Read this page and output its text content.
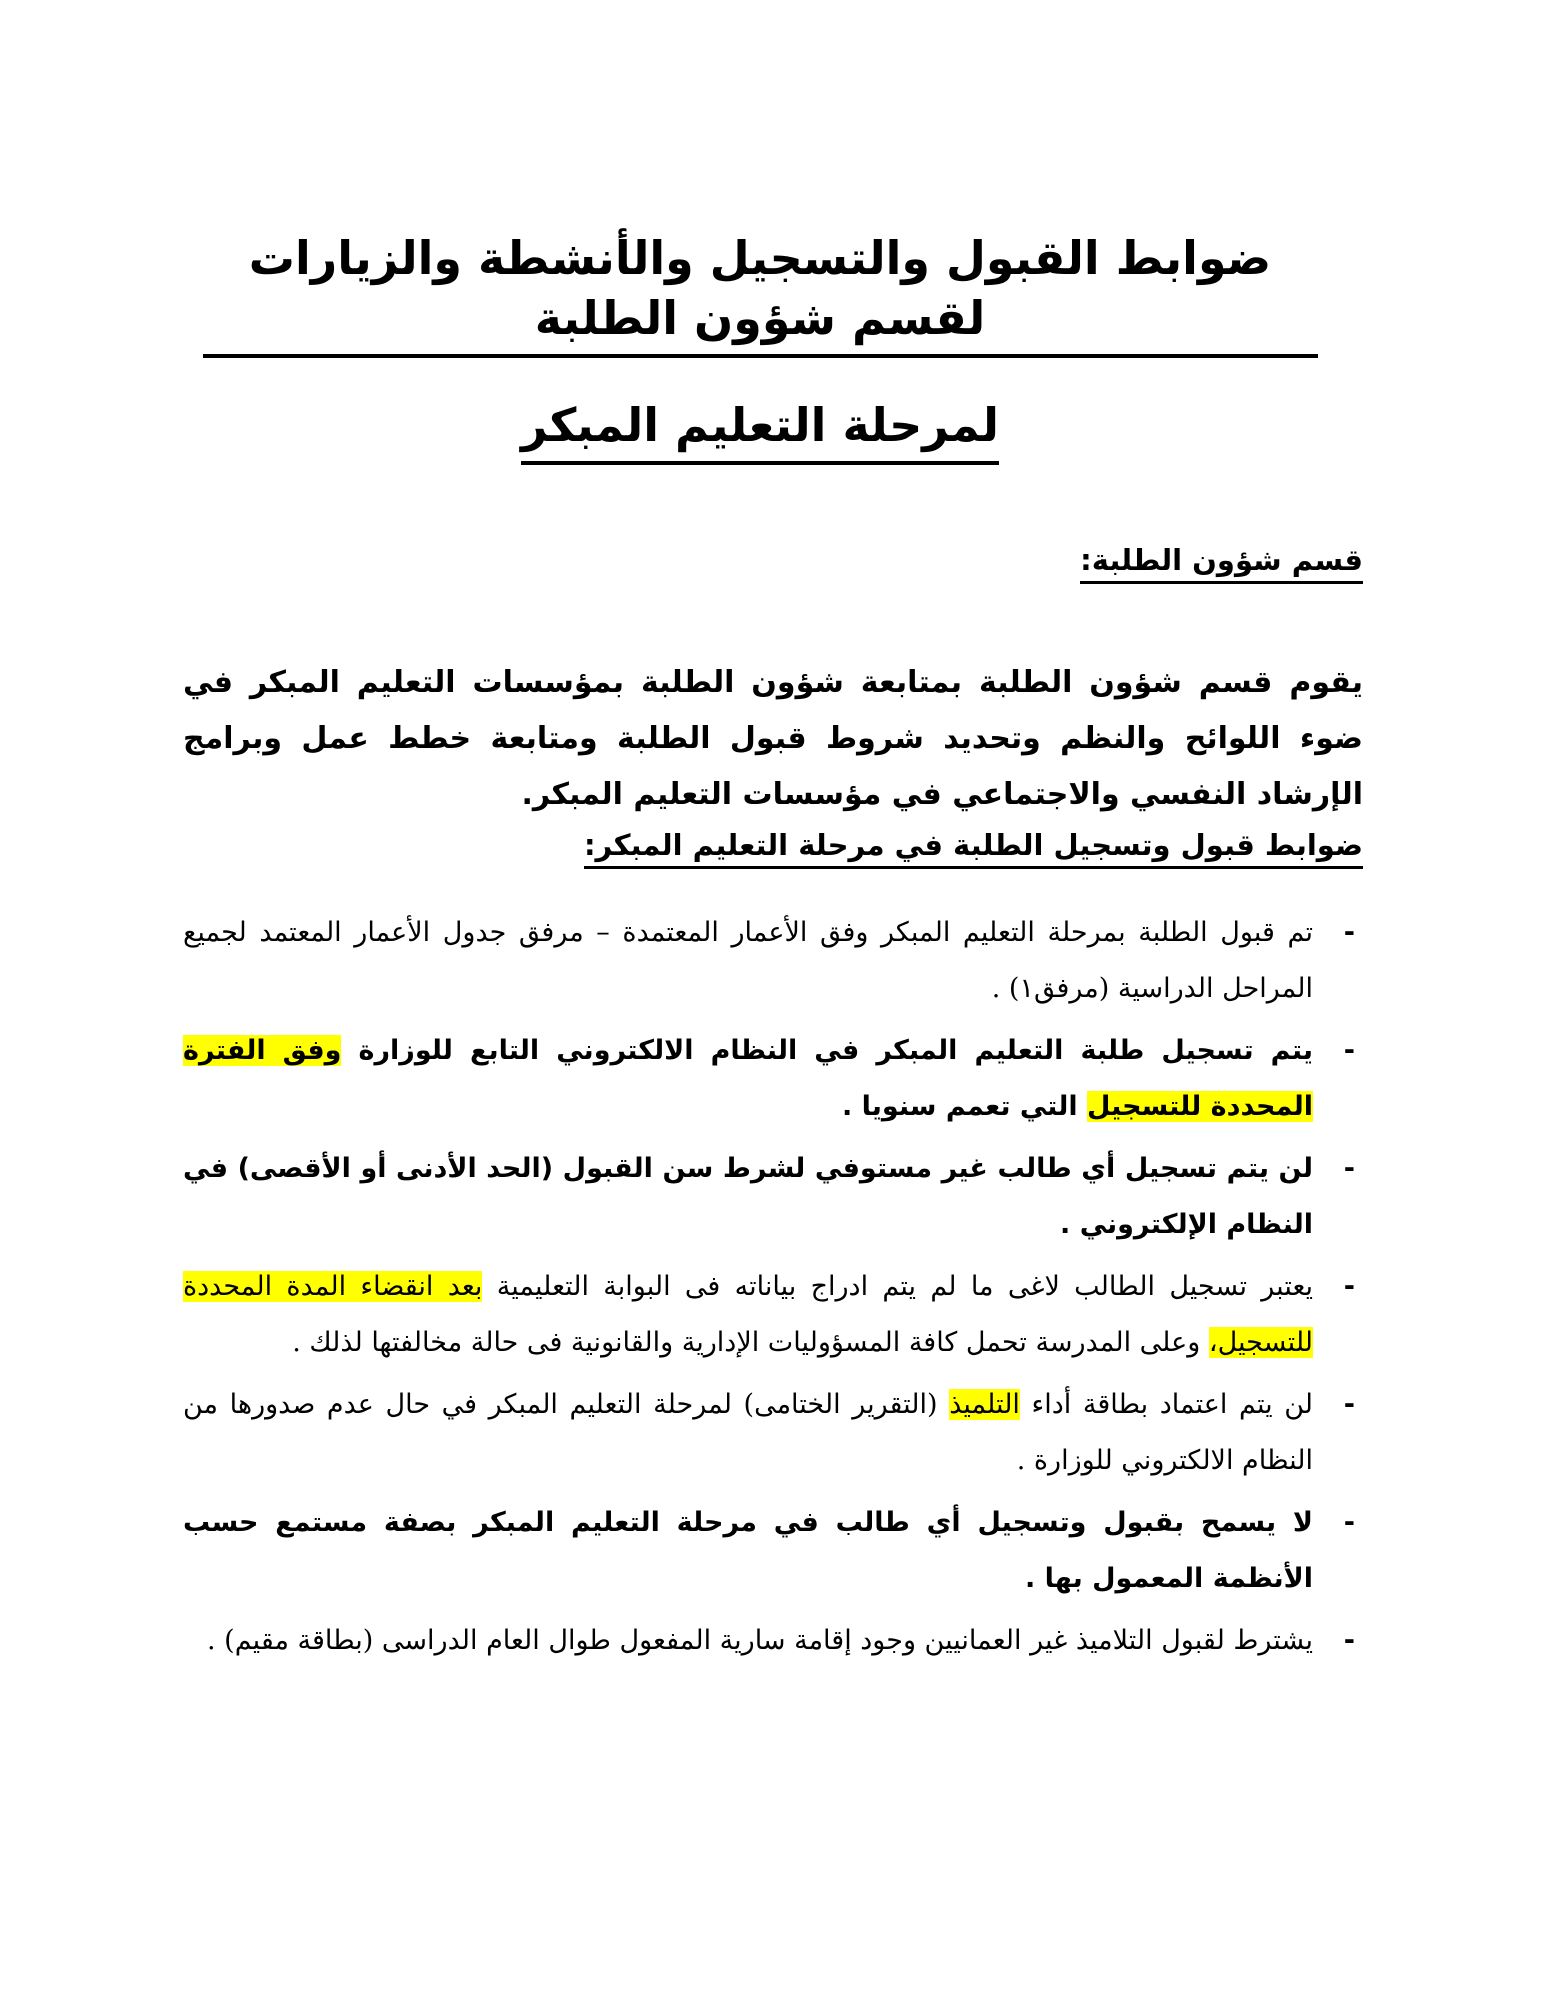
ضوابط القبول والتسجيل والأنشطة والزيارات لقسم شؤون الطلبة
لمرحلة التعليم المبكر
قسم شؤون الطلبة:

يقوم قسم شؤون الطلبة بمتابعة شؤون الطلبة بمؤسسات التعليم المبكر في ضوء اللوائح والنظم وتحديد شروط قبول الطلبة ومتابعة خطط عمل وبرامج الإرشاد النفسي والاجتماعي في مؤسسات التعليم المبكر.

ضوابط قبول وتسجيل الطلبة في مرحلة التعليم المبكر:
-
تم قبول الطلبة بمرحلة التعليم المبكر وفق الأعمار المعتمدة – مرفق جدول الأعمار المعتمد لجميع المراحل الدراسية (مرفق١) .
-
يتم تسجيل طلبة التعليم المبكر في النظام الالكتروني التابع للوزارة وفق الفترة المحددة للتسجيل التي تعمم سنويا .
-
لن يتم تسجيل أي طالب غير مستوفي لشرط سن القبول (الحد الأدنى أو الأقصى) في النظام الإلكتروني .
-
يعتبر تسجيل الطالب لاغى ما لم يتم ادراج بياناته فى البوابة التعليمية بعد انقضاء المدة المحددة للتسجيل، وعلى المدرسة تحمل كافة المسؤوليات الإدارية والقانونية فى حالة مخالفتها لذلك .
-
لن يتم اعتماد بطاقة أداء التلميذ (التقرير الختامى) لمرحلة التعليم المبكر في حال عدم صدورها من النظام الالكتروني للوزارة .
-
لا يسمح بقبول وتسجيل أي طالب في مرحلة التعليم المبكر بصفة مستمع حسب الأنظمة المعمول بها .
-
يشترط لقبول التلاميذ غير العمانيين وجود إقامة سارية المفعول طوال العام الدراسى (بطاقة مقيم) .
